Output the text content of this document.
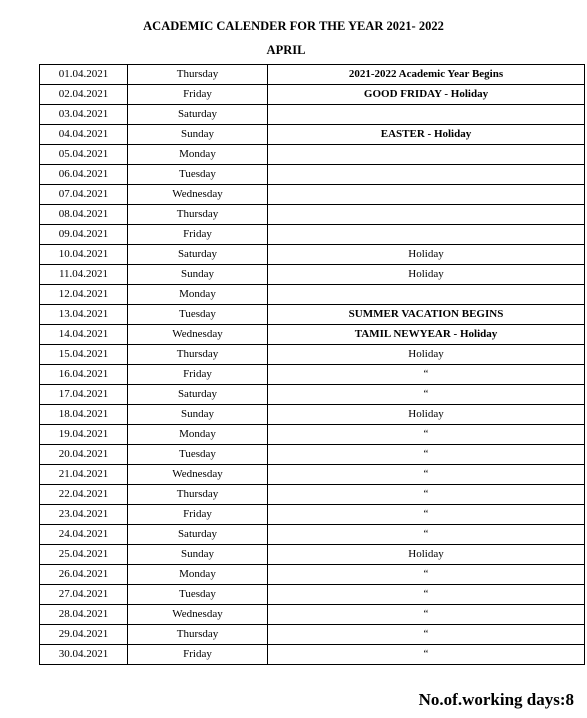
ACADEMIC CALENDER FOR THE YEAR 2021- 2022
APRIL
01.04.2021	Thursday	2021-2022 Academic Year Begins
02.04.2021	Friday	GOOD FRIDAY - Holiday
03.04.2021	Saturday	
04.04.2021	Sunday	EASTER - Holiday
05.04.2021	Monday	
06.04.2021	Tuesday	
07.04.2021	Wednesday	
08.04.2021	Thursday	
09.04.2021	Friday	
10.04.2021	Saturday	Holiday
11.04.2021	Sunday	Holiday
12.04.2021	Monday	
13.04.2021	Tuesday	SUMMER VACATION BEGINS
14.04.2021	Wednesday	TAMIL NEWYEAR - Holiday
15.04.2021	Thursday	Holiday
16.04.2021	Friday	“
17.04.2021	Saturday	“
18.04.2021	Sunday	Holiday
19.04.2021	Monday	“
20.04.2021	Tuesday	“
21.04.2021	Wednesday	“
22.04.2021	Thursday	“
23.04.2021	Friday	“
24.04.2021	Saturday	“
25.04.2021	Sunday	Holiday
26.04.2021	Monday	“
27.04.2021	Tuesday	“
28.04.2021	Wednesday	“
29.04.2021	Thursday	“
30.04.2021	Friday	“
No.of.working days:8
